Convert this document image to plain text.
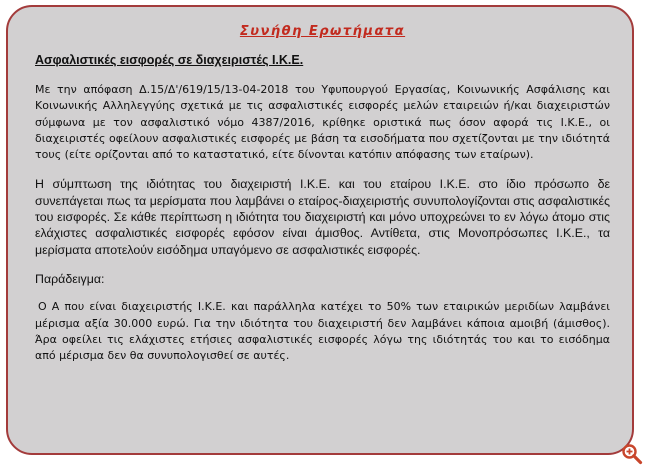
Συνήθη Ερωτήματα
Ασφαλιστικές εισφορές σε διαχειριστές Ι.Κ.Ε.

Με την απόφαση Δ.15/Δ'/619/15/13-04-2018 του Υφυπουργού Εργασίας, Κοινωνικής Ασφάλισης και Κοινωνικής Αλληλεγγύης σχετικά με τις ασφαλιστικές εισφορές μελών εταιρειών ή/και διαχειριστών σύμφωνα με τον ασφαλιστικό νόμο 4387/2016, κρίθηκε οριστικά πως όσον αφορά τις Ι.Κ.Ε., οι διαχειριστές οφείλουν ασφαλιστικές εισφορές με βάση τα εισοδήματα που σχετίζονται με την ιδιότητά τους (είτε ορίζονται από το καταστατικό, είτε δίνονται κατόπιν απόφασης των εταίρων).

Η σύμπτωση της ιδιότητας του διαχειριστή Ι.Κ.Ε. και του εταίρου Ι.Κ.Ε. στο ίδιο πρόσωπο δε συνεπάγεται πως τα μερίσματα που λαμβάνει ο εταίρος-διαχειριστής συνυπολογίζονται στις ασφαλιστικές του εισφορές. Σε κάθε περίπτωση η ιδιότητα του διαχειριστή και μόνο υποχρεώνει το εν λόγω άτομο στις ελάχιστες ασφαλιστικές εισφορές εφόσον είναι άμισθος. Αντίθετα, στις Μονοπρόσωπες Ι.Κ.Ε., τα μερίσματα αποτελούν εισόδημα υπαγόμενο σε ασφαλιστικές εισφορές.

Παράδειγμα:

Ο Α που είναι διαχειριστής Ι.Κ.Ε. και παράλληλα κατέχει το 50% των εταιρικών μεριδίων λαμβάνει μέρισμα αξία 30.000 ευρώ. Για την ιδιότητα του διαχειριστή δεν λαμβάνει κάποια αμοιβή (άμισθος). Άρα οφείλει τις ελάχιστες ετήσιες ασφαλιστικές εισφορές λόγω της ιδιότητάς του και το εισόδημα από μέρισμα δεν θα συνυπολογισθεί σε αυτές.
